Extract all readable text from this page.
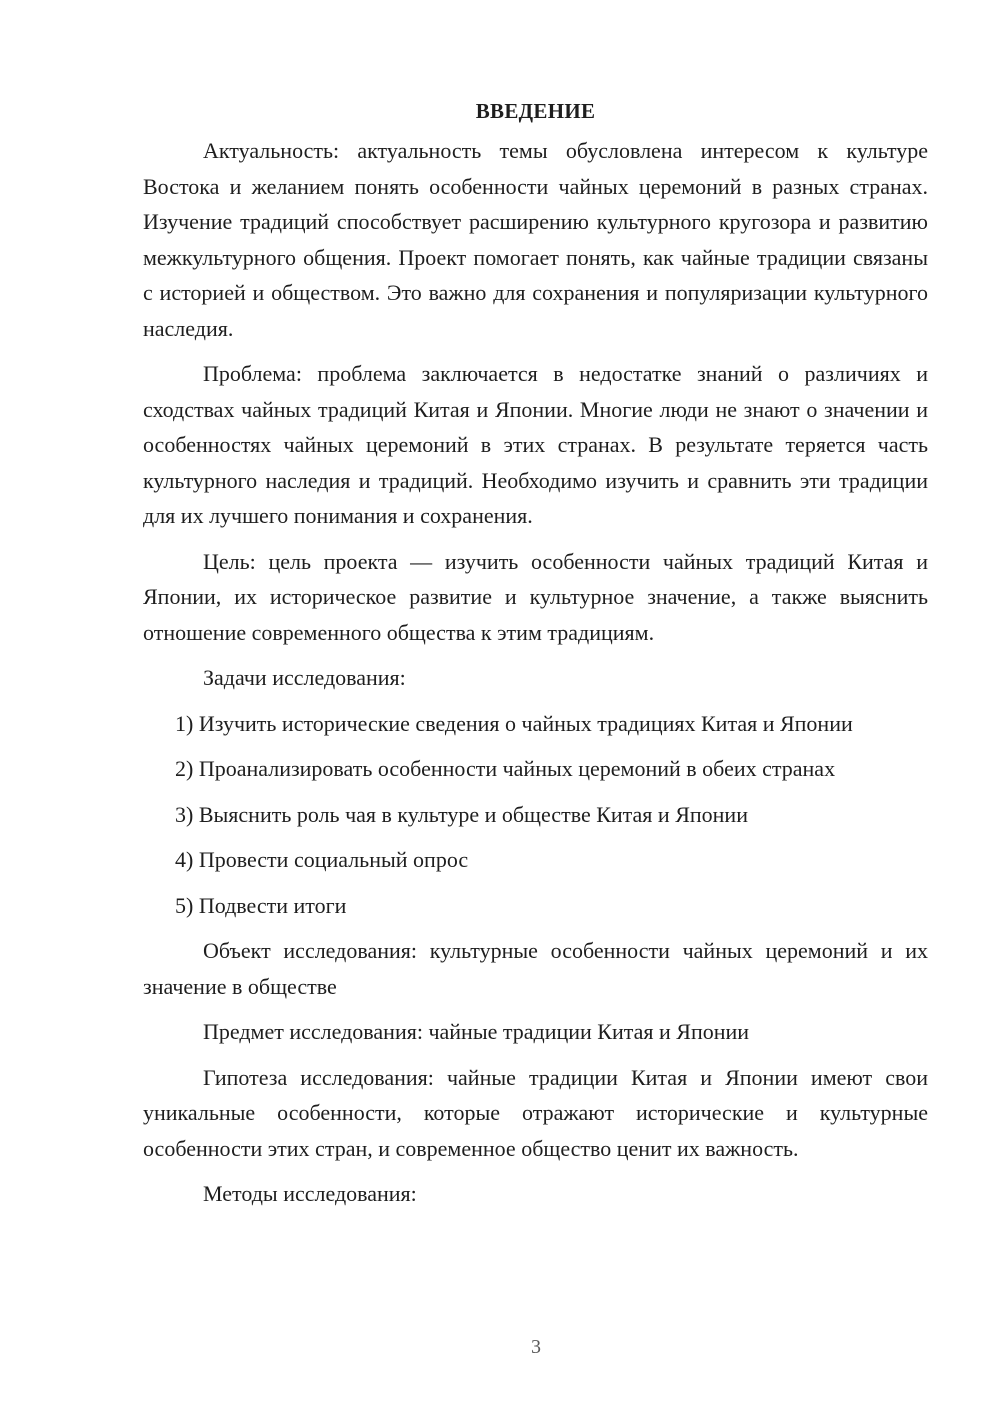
ВВЕДЕНИЕ

Актуальность: актуальность темы обусловлена интересом к культуре Востока и желанием понять особенности чайных церемоний в разных странах. Изучение традиций способствует расширению культурного кругозора и развитию межкультурного общения. Проект помогает понять, как чайные традиции связаны с историей и обществом. Это важно для сохранения и популяризации культурного наследия.

Проблема: проблема заключается в недостатке знаний о различиях и сходствах чайных традиций Китая и Японии. Многие люди не знают о значении и особенностях чайных церемоний в этих странах. В результате теряется часть культурного наследия и традиций. Необходимо изучить и сравнить эти традиции для их лучшего понимания и сохранения.

Цель: цель проекта — изучить особенности чайных традиций Китая и Японии, их историческое развитие и культурное значение, а также выяснить отношение современного общества к этим традициям.

Задачи исследования:

1) Изучить исторические сведения о чайных традициях Китая и Японии

2) Проанализировать особенности чайных церемоний в обеих странах

3) Выяснить роль чая в культуре и обществе Китая и Японии

4) Провести социальный опрос

5) Подвести итоги

Объект исследования: культурные особенности чайных церемоний и их значение в обществе

Предмет исследования: чайные традиции Китая и Японии

Гипотеза исследования: чайные традиции Китая и Японии имеют свои уникальные особенности, которые отражают исторические и культурные особенности этих стран, и современное общество ценит их важность.

Методы исследования:

3
